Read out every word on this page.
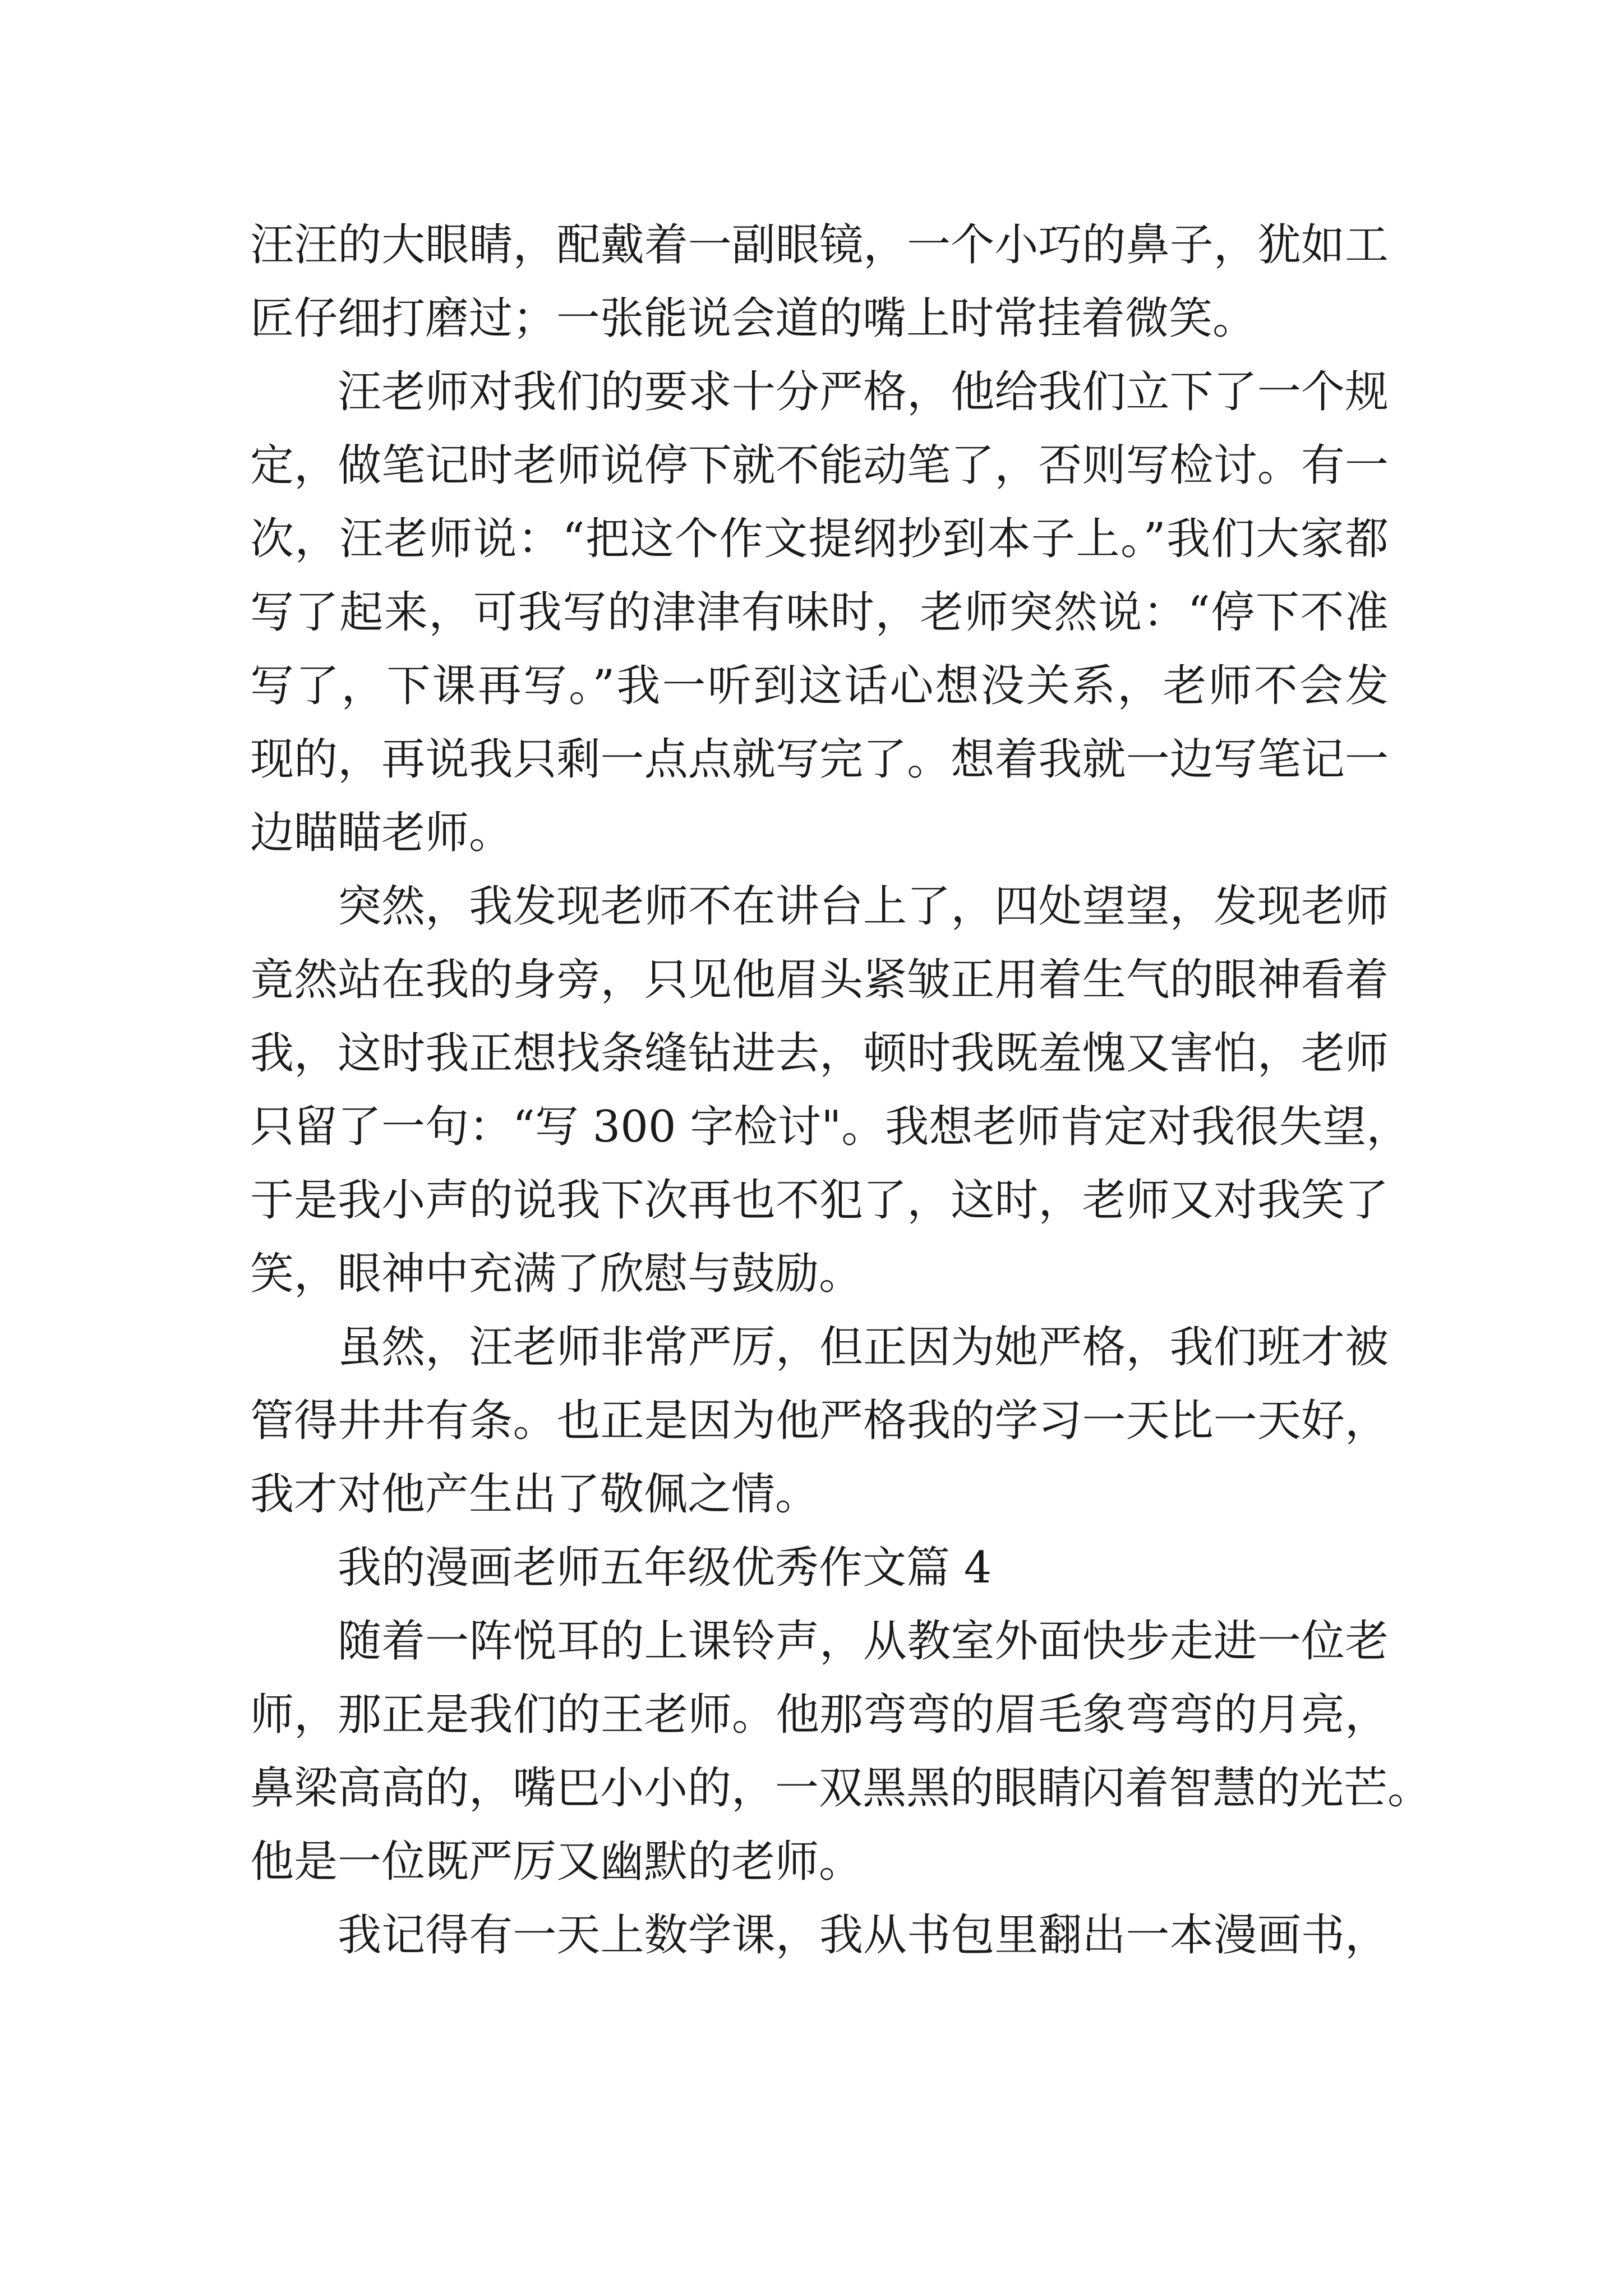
汪汪的大眼睛，配戴着一副眼镜，一个小巧的鼻子，犹如工
匠仔细打磨过；一张能说会道的嘴上时常挂着微笑。
汪老师对我们的要求十分严格，他给我们立下了一个规
定，做笔记时老师说停下就不能动笔了，否则写检讨。有一
次，汪老师说：“把这个作文提纲抄到本子上。”我们大家都
写了起来，可我写的津津有味时，老师突然说：“停下不准
写了，下课再写。”我一听到这话心想没关系，老师不会发
现的，再说我只剩一点点就写完了。想着我就一边写笔记一
边瞄瞄老师。
突然，我发现老师不在讲台上了，四处望望，发现老师
竟然站在我的身旁，只见他眉头紧皱正用着生气的眼神看着
我，这时我正想找条缝钻进去，顿时我既羞愧又害怕，老师
只留了一句：“写 300 字检讨"。我想老师肯定对我很失望，
于是我小声的说我下次再也不犯了，这时，老师又对我笑了
笑，眼神中充满了欣慰与鼓励。
虽然，汪老师非常严厉，但正因为她严格，我们班才被
管得井井有条。也正是因为他严格我的学习一天比一天好，
我才对他产生出了敬佩之情。
我的漫画老师五年级优秀作文篇 4
随着一阵悦耳的上课铃声，从教室外面快步走进一位老
师，那正是我们的王老师。他那弯弯的眉毛象弯弯的月亮，
鼻梁高高的，嘴巴小小的，一双黑黑的眼睛闪着智慧的光芒。
他是一位既严厉又幽默的老师。
我记得有一天上数学课，我从书包里翻出一本漫画书，
